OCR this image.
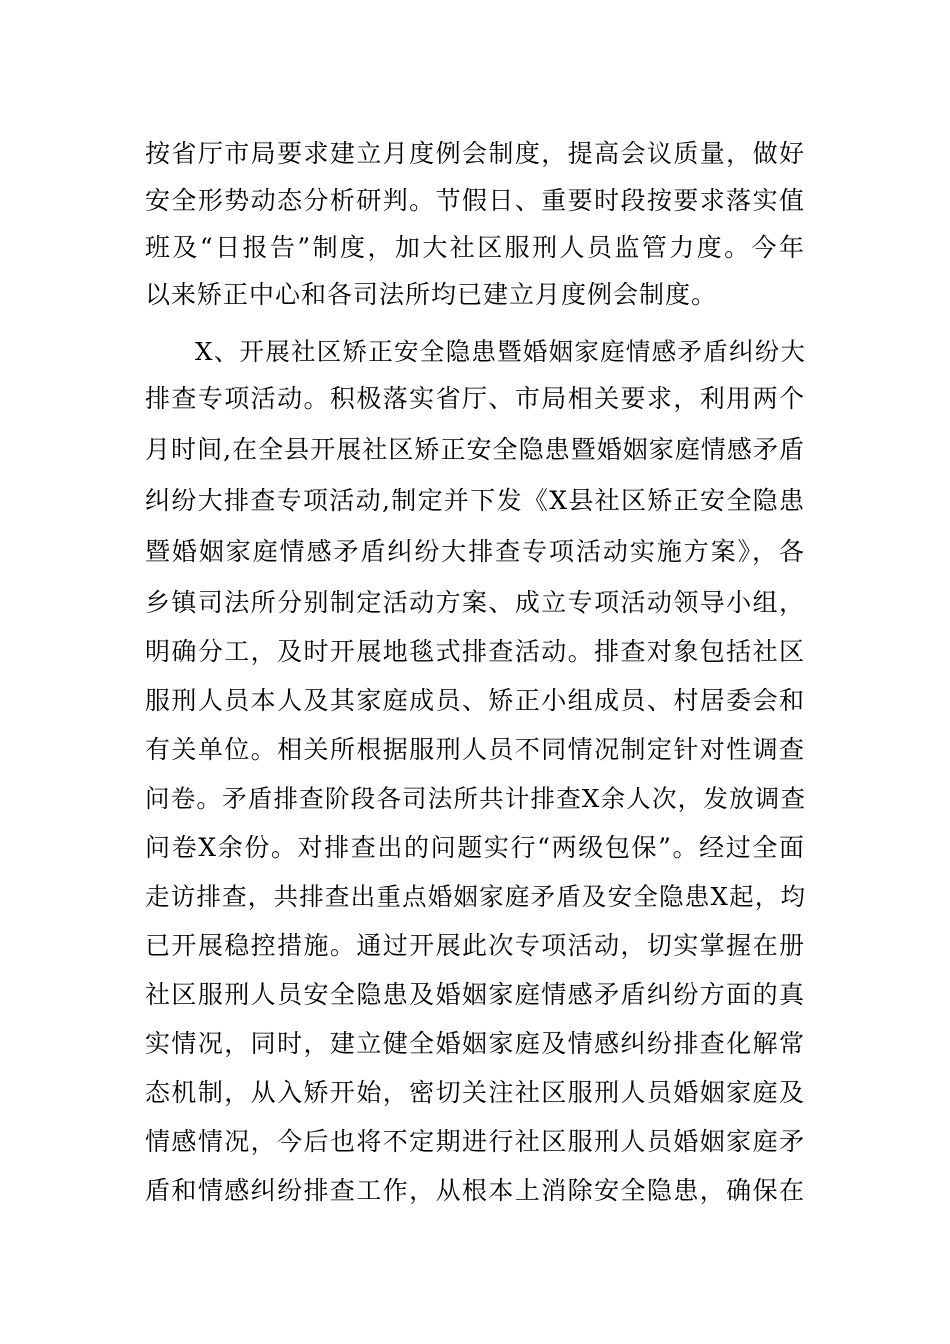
按省厅市局要求建立月度例会制度，提高会议质量，做好
安全形势动态分析研判。节假日、重要时段按要求落实值
班及“日报告”制度，加大社区服刑人员监管力度。今年
以来矫正中心和各司法所均已建立月度例会制度。
X、开展社区矫正安全隐患暨婚姻家庭情感矛盾纠纷大
排查专项活动。积极落实省厅、市局相关要求，利用两个
月时间,在全县开展社区矫正安全隐患暨婚姻家庭情感矛盾
纠纷大排查专项活动,制定并下发《X县社区矫正安全隐患
暨婚姻家庭情感矛盾纠纷大排查专项活动实施方案》，各
乡镇司法所分别制定活动方案、成立专项活动领导小组，
明确分工，及时开展地毯式排查活动。排查对象包括社区
服刑人员本人及其家庭成员、矫正小组成员、村居委会和
有关单位。相关所根据服刑人员不同情况制定针对性调查
问卷。矛盾排查阶段各司法所共计排查X余人次，发放调查
问卷X余份。对排查出的问题实行“两级包保”。经过全面
走访排查，共排查出重点婚姻家庭矛盾及安全隐患X起，均
已开展稳控措施。通过开展此次专项活动，切实掌握在册
社区服刑人员安全隐患及婚姻家庭情感矛盾纠纷方面的真
实情况，同时，建立健全婚姻家庭及情感纠纷排查化解常
态机制，从入矫开始，密切关注社区服刑人员婚姻家庭及
情感情况，今后也将不定期进行社区服刑人员婚姻家庭矛
盾和情感纠纷排查工作，从根本上消除安全隐患，确保在
